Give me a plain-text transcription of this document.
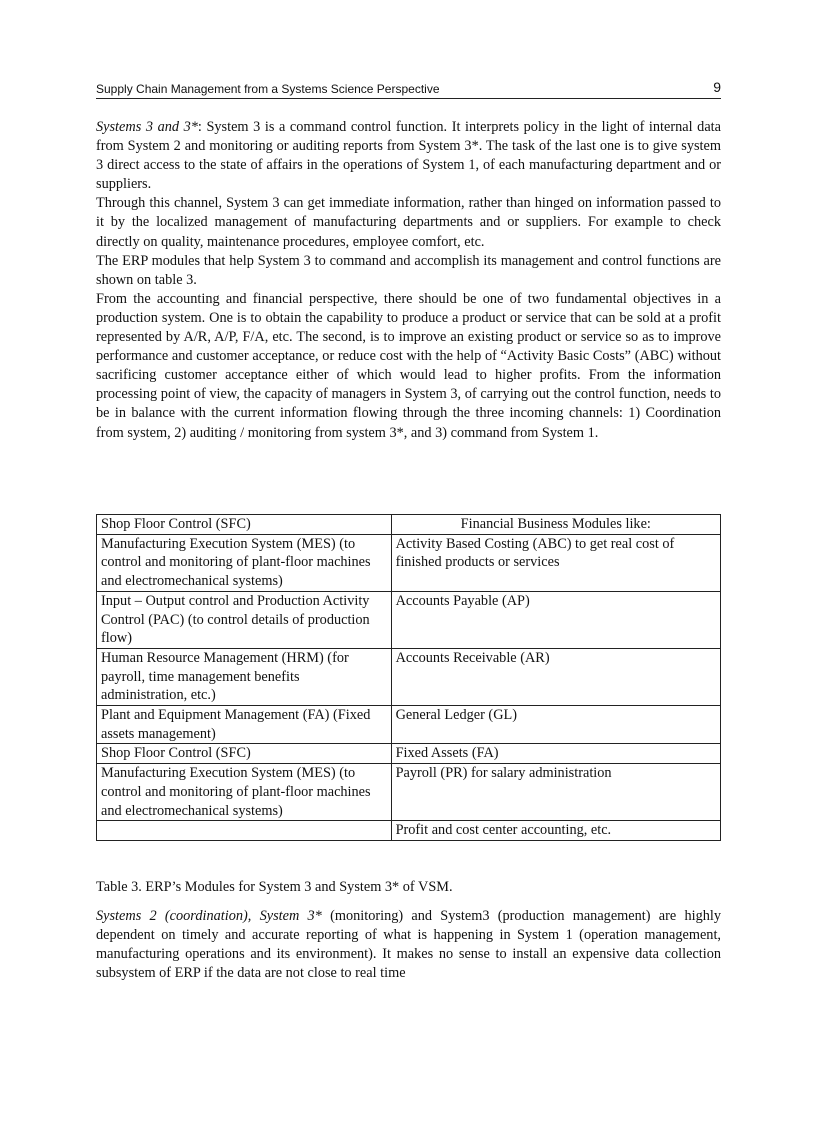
Supply Chain Management from a Systems Science Perspective	9

Systems 3 and 3*: System 3 is a command control function. It interprets policy in the light of internal data from System 2 and monitoring or auditing reports from System 3*. The task of the last one is to give system 3 direct access to the state of affairs in the operations of System 1, of each manufacturing department and or suppliers.

Through this channel, System 3 can get immediate information, rather than hinged on information passed to it by the localized management of manufacturing departments and or suppliers. For example to check directly on quality, maintenance procedures, employee comfort, etc.

The ERP modules that help System 3 to command and accomplish its management and control functions are shown on table 3.

From the accounting and financial perspective, there should be one of two fundamental objectives in a production system. One is to obtain the capability to produce a product or service that can be sold at a profit represented by A/R, A/P, F/A, etc. The second, is to improve an existing product or service so as to improve performance and customer acceptance, or reduce cost with the help of “Activity Basic Costs” (ABC) without sacrificing customer acceptance either of which would lead to higher profits. From the information processing point of view, the capacity of managers in System 3, of carrying out the control function, needs to be in balance with the current information flowing through the three incoming channels: 1) Coordination from system, 2) auditing / monitoring from system 3*, and 3) command from System 1.

Shop Floor Control (SFC)	Financial Business Modules like:
Manufacturing Execution System (MES) (to control and monitoring of plant-floor machines and electromechanical systems)	Activity Based Costing (ABC) to get real cost of finished products or services
Input – Output control and Production Activity Control (PAC) (to control details of production flow)	Accounts Payable (AP)
Human Resource Management (HRM) (for payroll, time management benefits administration, etc.)	Accounts Receivable (AR)
Plant and Equipment Management (FA) (Fixed assets management)	General Ledger (GL)
Shop Floor Control (SFC)	Fixed Assets (FA)
Manufacturing Execution System (MES) (to control and monitoring of plant-floor machines and electromechanical systems)	Payroll (PR) for salary administration
	Profit and cost center accounting, etc.
Table 3. ERP’s Modules for System 3 and System 3* of VSM.

Systems 2 (coordination), System 3* (monitoring) and System3 (production management) are highly dependent on timely and accurate reporting of what is happening in System 1 (operation management, manufacturing operations and its environment). It makes no sense to install an expensive data collection subsystem of ERP if the data are not close to real time
